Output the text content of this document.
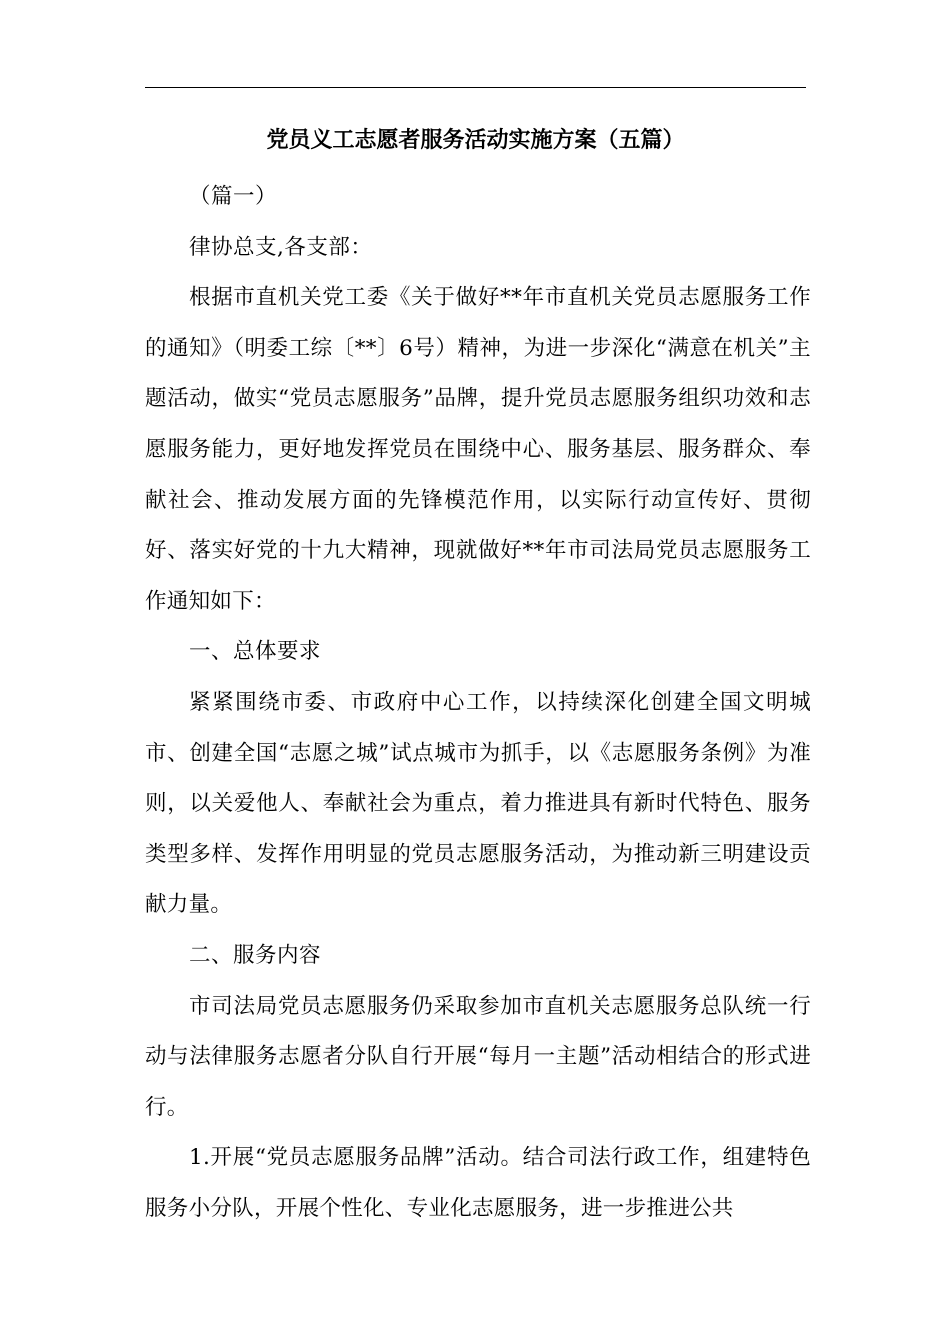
党员义工志愿者服务活动实施方案（五篇）

（篇一）

律协总支,各支部：

根据市直机关党工委《关于做好**年市直机关党员志愿服务工作的通知》（明委工综〔**〕6号）精神，为进一步深化“满意在机关”主题活动，做实“党员志愿服务”品牌，提升党员志愿服务组织功效和志愿服务能力，更好地发挥党员在围绕中心、服务基层、服务群众、奉献社会、推动发展方面的先锋模范作用，以实际行动宣传好、贯彻好、落实好党的十九大精神，现就做好**年市司法局党员志愿服务工作通知如下：

一、总体要求

紧紧围绕市委、市政府中心工作，以持续深化创建全国文明城市、创建全国“志愿之城”试点城市为抓手，以《志愿服务条例》为准则，以关爱他人、奉献社会为重点，着力推进具有新时代特色、服务类型多样、发挥作用明显的党员志愿服务活动，为推动新三明建设贡献力量。

二、服务内容

市司法局党员志愿服务仍采取参加市直机关志愿服务总队统一行动与法律服务志愿者分队自行开展“每月一主题”活动相结合的形式进行。

1.开展“党员志愿服务品牌”活动。结合司法行政工作，组建特色服务小分队，开展个性化、专业化志愿服务，进一步推进公共
